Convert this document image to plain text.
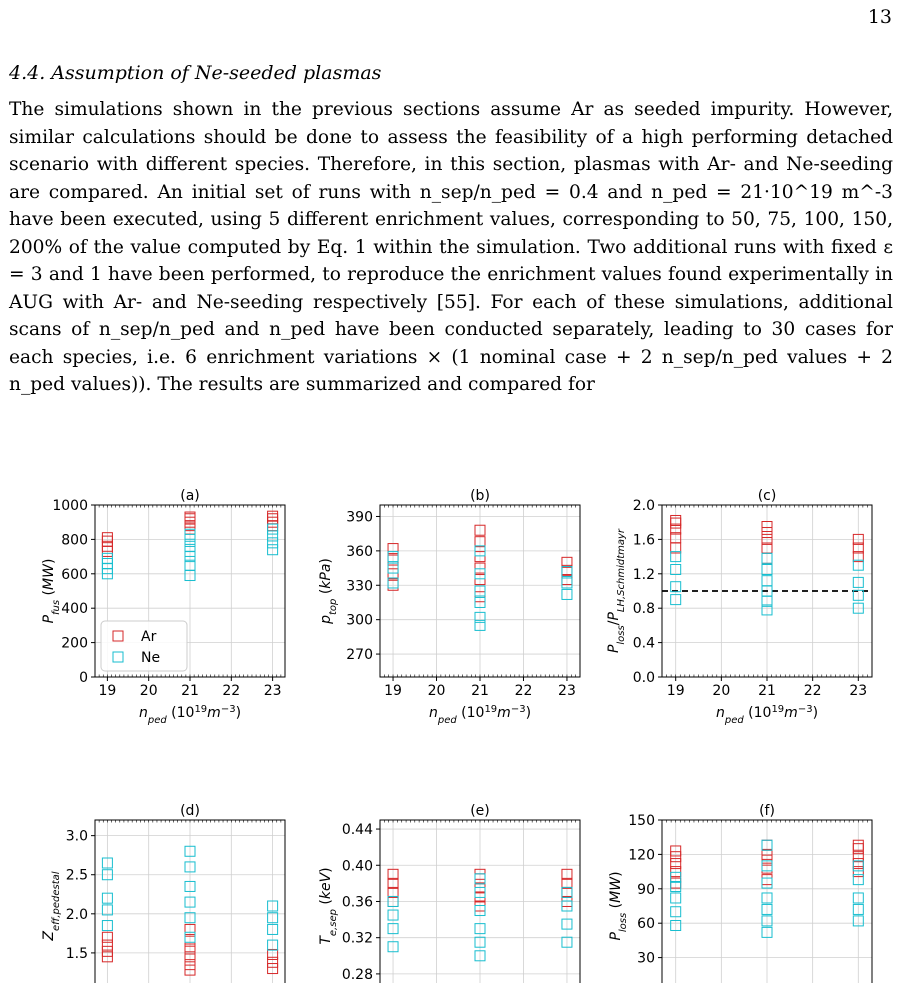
13
4.4. Assumption of Ne-seeded plasmas

The simulations shown in the previous sections assume Ar as seeded impurity. However, similar calculations should be done to assess the feasibility of a high performing detached scenario with different species. Therefore, in this section, plasmas with Ar- and Ne-seeding are compared. An initial set of runs with n_sep/n_ped = 0.4 and n_ped = 21·10^19 m^-3 have been executed, using 5 different enrichment values, corresponding to 50, 75, 100, 150, 200% of the value computed by Eq. 1 within the simulation. Two additional runs with fixed ε = 3 and 1 have been performed, to reproduce the enrichment values found experimentally in AUG with Ar- and Ne-seeding respectively [55]. For each of these simulations, additional scans of n_sep/n_ped and n_ped have been conducted separately, leading to 30 cases for each species, i.e. 6 enrichment variations × (1 nominal case + 2 n_sep/n_ped values + 2 n_ped values)). The results are summarized and compared for

19 20 21 22 23
0
200
400
600
800
1000
(a)
$n_{ped}$ $(10^{19}m^{-3})$
$P_{fus}$ (MW)
Ar
Ne
19 20 21 22 23
270
300
330
360
390
(b)
$n_{ped}$ $(10^{19}m^{-3})$
$p_{top}$ (kPa)
19 20 21 22 23
0.0
0.4
0.8
1.2
1.6
2.0
(c)
$n_{ped}$ $(10^{19}m^{-3})$
$P_{loss}/P_{LH,Schmidtmayr}$
1.5
2.0
2.5
3.0
(d)
$Z_{eff,pedestal}$
0.28
0.32
0.36
0.40
0.44
(e)
$T_{e,sep}$ (keV)
30
60
90
120
150
(f)
$P_{loss}$ (MW)
